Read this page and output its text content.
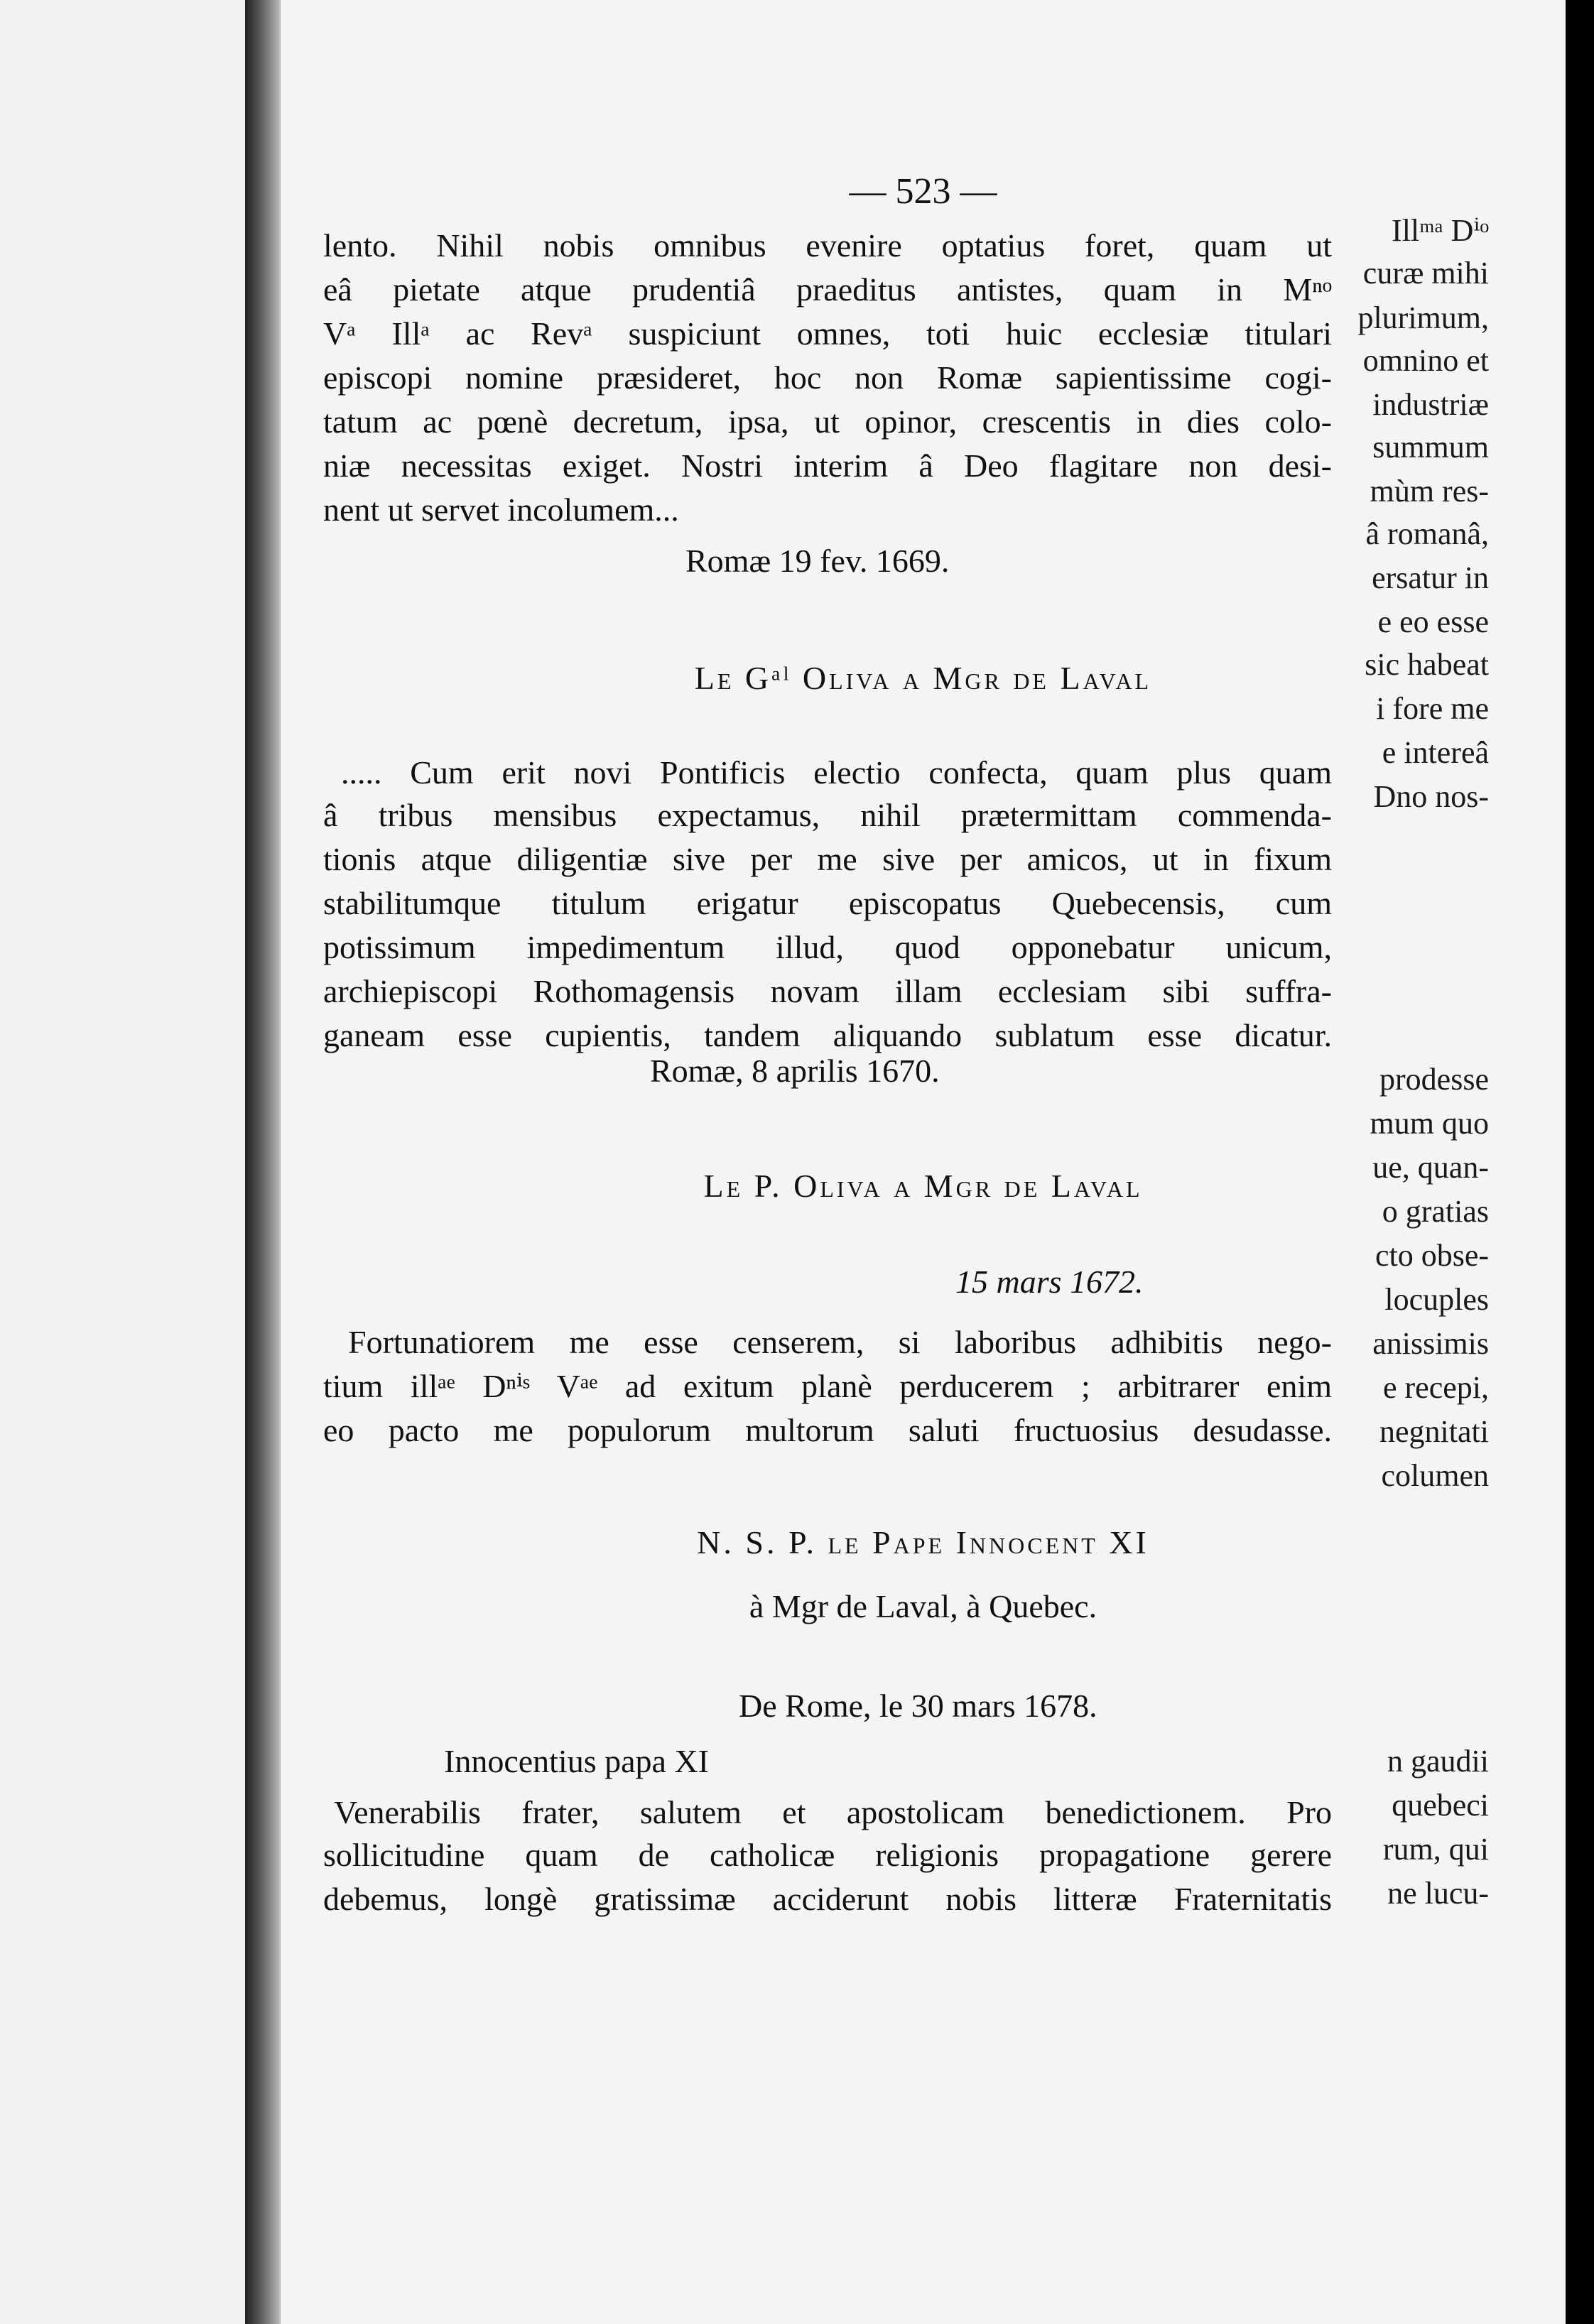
Illᵐᵃ Dⁱᵒ
curæ mihi
plurimum,
omnino et
industriæ
summum
mùm res-
â romanâ,
ersatur in
e eo esse
sic habeat
i fore me
e intereâ
Dno nos-
prodesse
mum quo
ue, quan-
o gratias
cto obse-
locuples
anissimis
e recepi,
negnitati
columen
n gaudii
quebeci
rum, qui
ne lucu-
— 523 —
lento. Nihil nobis omnibus evenire optatius foret, quam ut
eâ pietate atque prudentiâ praeditus antistes, quam in Mⁿᵒ
Vᵃ Illᵃ ac Revᵃ suspiciunt omnes, toti huic ecclesiæ titulari
episcopi nomine præsideret, hoc non Romæ sapientissime cogi-
tatum ac pœnè decretum, ipsa, ut opinor, crescentis in dies colo-
niæ necessitas exiget. Nostri interim â Deo flagitare non desi-
nent ut servet incolumem...
Romæ 19 fev. 1669.
Le Gᵃˡ Oliva a Mgr de Laval
..... Cum erit novi Pontificis electio confecta, quam plus quam
â tribus mensibus expectamus, nihil prætermittam commenda-
tionis atque diligentiæ sive per me sive per amicos, ut in fixum
stabilitumque titulum erigatur episcopatus Quebecensis, cum
potissimum impedimentum illud, quod opponebatur unicum,
archiepiscopi Rothomagensis novam illam ecclesiam sibi suffra-
ganeam esse cupientis, tandem aliquando sublatum esse dicatur.
Romæ, 8 aprilis 1670.
Le P. Oliva a Mgr de Laval
15 mars 1672.
Fortunatiorem me esse censerem, si laboribus adhibitis nego-
tium illᵃᵉ Dⁿⁱˢ Vᵃᵉ ad exitum planè perducerem ; arbitrarer enim
eo pacto me populorum multorum saluti fructuosius desudasse.
N. S. P. le Pape Innocent XI
à Mgr de Laval, à Quebec.
De Rome, le 30 mars 1678.
Innocentius papa XI
Venerabilis frater, salutem et apostolicam benedictionem. Pro
sollicitudine quam de catholicæ religionis propagatione gerere
debemus, longè gratissimæ acciderunt nobis litteræ Fraternitatis
